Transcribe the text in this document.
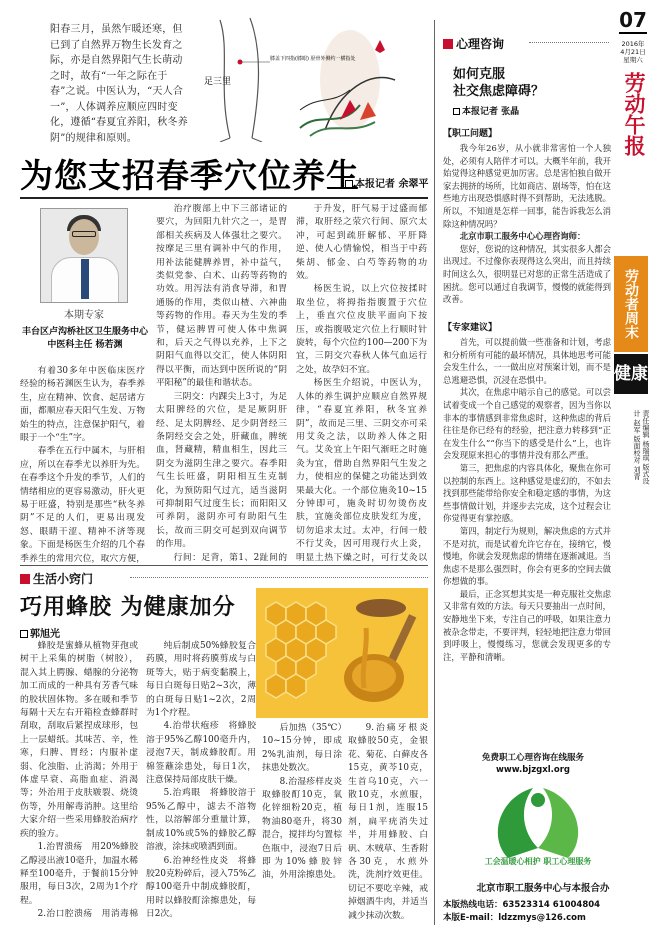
阳春三月，虽然乍暖还寒，但已到了自然界万物生长发育之际，亦是自然界阳气生长萌动之时，故有“一年之际在于春”之说。中医认为，“天人合一”，人体调养应顺应四时变化，遵循“春夏宜养阳，秋冬养阴”的规律和原则。
足三里
膝盖下四指(膝眼) 胫骨外侧约一横指处
为您支招春季穴位养生
本报记者 余翠平
本期专家
丰台区卢沟桥社区卫生服务中心
中医科主任 杨若渊

有着30多年中医临床医疗经验的杨若渊医生认为，春季养生，应在精神、饮食、起居诸方面，都顺应春天阳气生发、万物始生的特点，注意保护阳气，着眼于一个“生”字。

春季在五行中属木，与肝相应，所以在春季尤以养肝为先。在春季这个升发的季节，人们的情绪相应的更容易激动，肝火更易于旺盛，特别是那些“秋冬养阴”不足的人们，更易出现发怒、眼睛干涩、精神不济等现象。下面是杨医生介绍的几个春季养生的常用穴位，取穴方便，

治疗腹部上中下三部诸证的要穴，为回阳九针穴之一，是胃部相关疾病及人体强壮之要穴。按摩足三里有调补中气的作用，用补法能健脾养胃，补中益气，类似党参、白术、山药等药物的功效。用泻法有消食导滞，和胃通肠的作用，类似山楂、六神曲等药物的作用。春天为生发的季节，健运脾胃可使人体中焦调和，后天之气得以充养，上下之阴阳气血得以交汇，使人体阴阳得以平衡，而达到中医所说的“阴平阳秘”的最佳和谐状态。

三阴交：内踝尖上3寸，为足太阳脾经的穴位，是足厥阴肝经、足太阴脾经、足少阴肾经三条阴经交会之处，肝藏血，脾统血，肾藏精，精血相生，因此三阴交为滋阴生津之要穴。春季阳气生长旺盛，阴阳相互生克制化，为预防阳气过亢，适当滋阴可抑制阳气过度生长；而阳阳又可养阴，滋阴亦可有助阳气生长，故而三阴交可起到双向调节的作用。

行间：足背，第1、2趾间的

于升发，肝气易于过盛而郁滞，取肝经之荥穴行间、原穴太冲，可起到疏肝解郁、平肝降逆、使人心情愉悦，相当于中药柴胡、郁金、白芍等药物的功效。

杨医生说，以上穴位按揉时取坐位，将拇指指腹置于穴位上，垂直穴位皮肤平面向下按压，或指腹吸定穴位上行顺时针旋转，每个穴位约100—200下为宜，三阴交穴春秋人体气血运行之处，故孕妇不宜。

杨医生介绍说，中医认为，人体的养生调护应顺应自然界规律，“春夏宜养阳，秋冬宜养阴”，故而足三里、三阴交亦可采用艾灸之法，以助养人体之阳气。艾灸宜上午阳气渐旺之时施灸为宜，借助自然界阳气生发之力，使相应的保健之功能达到效果最大化。一个部位施灸10~15分钟即可，施灸时切勿烫伤皮肤，宜施灸部位皮肤发红为度，切勿追求太过。太冲，行间一般不行艾灸，因可用现行火上炎，明显土热下燥之时，可行艾灸以

生活小窍门
巧用蜂胶 为健康加分
郭旭光

蜂胶是蜜蜂从植物芽孢或树干上采集的树脂（树胶），混入其上腭腺、蜡腺的分泌物加工而成的一种具有芳香气味的胶状固体物。多在暖和季节每隔十天左右开箱检查蜂群时刮取，刮取后紧捏成球形，包上一层蜡纸。其味苦、辛，性寒，归脾、胃经；内服补虚弱、化浊脂、止消渴；外用于体虚早衰、高脂血症、消渴等；外治用于皮肤皲裂、烧烫伤等，外用解毒消肿。这里给大家介绍一些采用蜂胶治病疗疾的验方。

1.治胃溃疡　用20%蜂胶乙醇浸出液10毫升，加温水稀释至100毫升，于餐前15分钟服用，每日3次，2周为1个疗程。

2.治口腔溃疡　用消毒棉

纯后制成50%蜂胶复合药膜，用时将药膜剪成与白斑等大，贴于病变黏膜上，每日白斑每日贴2~3次，薄的白斑每日贴1~2次，2周为1个疗程。

4.治带状疱疹　将蜂胶溶于95%乙醇100毫升内，浸泡7天，制成蜂胶酊。用棉签蘸涂患处，每日1次，注意保持局部皮肤干燥。

5.治鸡眼　将蜂胶溶于95%乙醇中，滤去不溶物性，以溶解部分重量计算，制成10%或5%的蜂胶乙醇溶液，涂抹或喷洒到面。

6.治神经性皮炎　将蜂胶20克粉碎后，浸入75%乙醇100毫升中制成蜂胶酊，用时以蜂胶酊涂擦患处，每日2次。

后加热（35℃）10~15分钟，即成2%乳油剂，每日涂抹患处数次。

8.治湿疹样皮炎　取蜂胶酊10克，氧化锌细粉20克，植物油80毫升，将30混合，搅拌均匀置棕色瓶中，浸泡7日后即为10%蜂胶锌油，外用涂擦患处。

9.治痛牙根炎　取蜂胶50克，金银花、菊花、白藓皮各15克，黄芩10克，生首乌10克，六一散10克，水煎服，每日1剂，连服15剂，扁平疣消失过半，并用蜂胶、白矾、木贼草、生香附各30克，水煎外洗，洗剂疗效更佳。切记不要吃辛辣，戒掉烟酒牛肉，并适当减少抹动次数。

心理咨询
如何克服
社交焦虑障碍？
本报记者 张晶
【职工问题】

我今年26岁，从小就非常害怕一个人独处，必须有人陪伴才可以。大概半年前，我开始觉得这种感觉更加厉害。总是害怕独自做开家去拥挤的场所，比如商店、剧场等，怕在这些地方出现恐惧感时得不到帮助，无法逃脱。所以，不知道是怎样一回事，能告诉我怎么消除这种情况吗？

北京市职工服务中心心理咨询师：

您好，您说的这种情况，其实很多人都会出现过。不过像你表现得这么突出，而且持续时间这么久，很明显已对您的正常生活造成了困扰。您可以通过自我调节，慢慢的就能得到改善。

【专家建议】

首先，可以提前做一些准备和计划，考虑和分析所有可能的最坏情况，具体地思考可能会发生什么，一一做出应对预案计划，而不是总逃避恐惧，沉浸在恐惧中。

其次，在焦虑中暗示自己的感觉。可以尝试着变成一个自己感觉的观察者，因为当你以非本的事情感到非常焦虑时，这种焦虑的背后往往是你已经有的经验，把注意力转移到“正在发生什么”“你当下的感受是什么”上，也许会发现原来担心的事情并没有那么严重。

第三，把焦虑的内容具体化，聚焦在你可以控制的东西上。这种感觉是虚幻的，不如去找到那些能带给你安全和稳定感的事情，为这些事情做计划，并逐步去完成，这个过程会让你觉得更有掌控感。

第四，制定行为规则，解决焦虑的方式并不是对抗，而是试着允许它存在，接纳它，慢慢地，你就会发现焦虑的情绪在逐渐减退。当焦虑不是那么强烈时，你会有更多的空间去做你想做的事。

最后，正念冥想其实是一种克服社交焦虑又非常有效的方法。每天只要抽出一点时间，安静地坐下来，专注自己的呼吸，如果注意力被杂念带走，不要评判，轻轻地把注意力带回到呼吸上，慢慢练习，您就会发现更多的专注，平静和清晰。

07
2016年
4月21日
星期六
劳动午报
劳动者周末
健康
责任编辑 杨瑞琪 版式设计 赵军 版面校对 刘青
免费职工心理咨询在线服务
www.bjzgxl.org
工会温暖心相护 职工心理服务
北京市职工服务中心与本报合办
本版热线电话：63523314 61004804
本版E-mail：ldzzmys@126.com
